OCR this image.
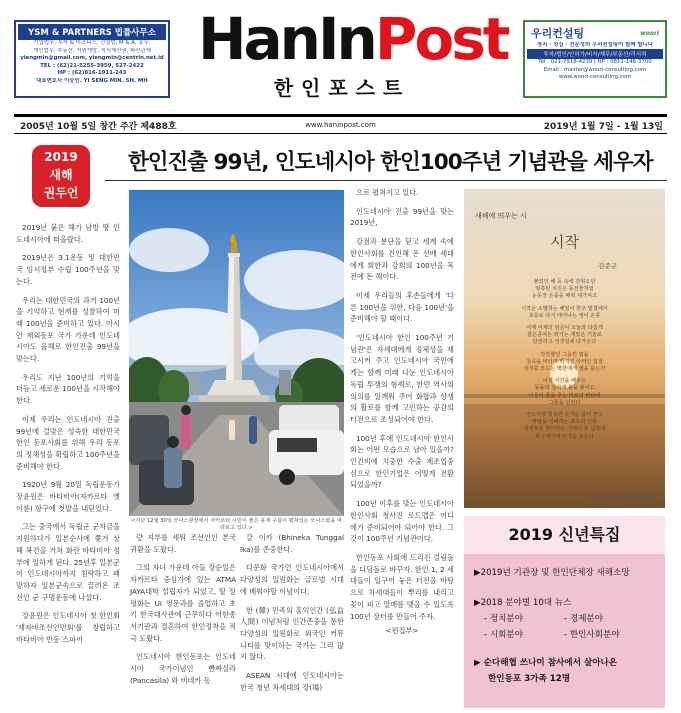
YSM & PARTNERS 법률사무소
기업법무, 투자 & 비즈니스, 건설법, M & A, 송무,
개인법무, 부동산, 자원개발, 지식재산권, 파산관재
yiengmin@gmail.com, yiengmin@centrin.net.id
TEL : (62)21-5255-3959, 527-2422
HP : (62)816-1911-243
대표변호사 이승민. YI SENG MIN. SH. MH
HanInPost
한인포스트
우리컨설팅	woori
정직 · 성실 · 전문성의 우리컨설팅이 함께 합니다
투자/법인/인허가/비자/재무/부동산/리서치
Tel : 021-7918-4239 | HP : 0811-146-3700
Email : master@woori-consulting.com
www.woori-consulting.com
2005년 10월 5일 창간 주간 제488호	www.haninpost.com	2019년 1월 7일 - 1월 13일
2019
새해
권두언
한인진출 99년, 인도네시아 한인100주년 기념관을 세우자

2019년 붉은 해가 남방 땅 인도네시아에 떠올랐다.

2019년은 3.1운동 및 대한민국 임시정부 수립 100주년을 맞는다.

우리는 대한민국의 과거 100년을 기억하고 현재를 성찰하여 미래 100년을 준비하고 있다. 아시안 재외동포 국가 가운데 인도네시아도 올해로 한인진출 99년을 맞는다.

우리도 지난 100년의 기억을 더듬고 새로운 100년을 시작해야 한다.

이제 우리는 인도네시아 진출 99년에 걸맞은 성숙한 대한민국 한인 동포사회를 위해 우리 동포의 정체성을 확립하고 100주년을 준비해야 한다.

1920년 9월 20일 독립운동가 장윤원은 바타비아(자카르타 옛 이름) 항구에 첫발을 내딛었다.

그는 중국에서 독립군 군자금을 지원하다가 일본순사에 쫓겨 상해 복건을 거쳐 화란 바타비아 정부에 일하게 된다. 25년후 일본군이 인도네시아까지 침략하고 패망하자 일본군속으로 끌려온 조선인 군 구명운동에 나섰다.

장윤원은 인도네시아 첫 한인회 '재자바조선인민회'를 창립하고 바타비아 반동 스파이

<지난 12월 30일 모나스광장에서 자카르타 시민이 붉은 풍계 구름이 펼쳐있는 모나스탑을 바라보고 있다.>

량 지부를 세워 조선인인 본국 귀환을 도왔다.

그의 자녀 가운데 아들 장순일은 자카르타 중심가에 있는 ATMA JAYA대학 설립자가 되었고, 딸 장평화는 UI 영문과를 졸업하고 초기 한국대사관에 근무하다 어한종 서기관과 결혼하여 한인정착을 적극 도왔다.

인도네시아 한인동포는 인도네시아 국가이념인 빤짜실라 (Pancasila) 와 비네카 동

갈 이카 (Bhineka Tunggal Ika)를 존중한다.

다문화 국가인 인도네시아에서 다양성의 일원화는 글로벌 시대에 배워야할 이념이다.

한 (韓) 민족의 홍익인간 (弘益人間) 이념처럼 인간존중을 통한 다양성의 일원화로 외국인 커뮤니티를 맞이하는 국가는 그리 많지 않다.

ASEAN 시대에 인도네시아는 한국 청년 차세대의 장(場)

으로 펼쳐지고 있다.

인도네시아 진출 99년을 맞는 2019년,

강점과 분단을 딛고 세계 속에 한인사회를 건인해 온 선배 세대에게 회한과 감회의 100년을 묵전에 돈 해이다.

이제 우리들의 후손들에게 '다른 100년을 위한, 다음 100년'을 준비해야 할 때이다.

'인도네시아 한인 100주년 기념관'은 자세대에게 정체성을 재고시켜 주고 인도네시아 국민에게는 함께 미래 나눈 인도네시아 독립 투쟁의 형제로, 한민 역사의 의의를 일깨워 주어 화합과 상생의 활로를 함께 고민하는 공감의 터전으로 조성되어야 한다.

100년 후에 인도네시아 한인사회는 어떤 모습으로 남아 있을까? 인건비에 치중한 수출 제조업중심으로 한인기업은 어떻게 전환되었을까?

100년 이후를 맞는 인도네시아 한인사회 청사진 로드맵은 어디에가 준비되어야 되어야 한다. 그것이 100주년 기념관이다.

한인동포 사회에 드리진 걸림돌을 디딤돌로 바꾸자. 한인 1, 2 세대들이 일구어 놓은 터전을 바탕으로 차세대들이 뿌리를 내리고 꽃이 피고 열매를 맺을 수 있도록 100년 장터를 만들어 주자.

<편집부>
새해에 띄우는 시
시작
김준규
붉었던 해 등 속에 감춰오던
엄혹된 치진은 동전물처럼
눈동장 온몸을 배워 세가져고
시작은 소멸하는 해일이 한주 발쳤에서
초롱로 다시 태어나는 생이 온통
어제 어제의 임금이 오늘과 다름게
같은공어든 꽈거는 재밌은 거울로
단장하고 성경설에 다가온다
작작했던 그을린 멈을
침곡을 비터며 빡지진 아쩌인 힘점
상처를 모드는 빡한에게 엽을 묻는가
이제 시간을 배우는
동돌의 실지에 불을 붙이고
너울이 출을 추는 미로의 바다에
그물을 던진다
앞으치렸 희룩한 승거를 몹어 먼고
바람을 잉해하는 최도의 신릉
새섬부를 향사하는 거래의 몽 넓찾에
확금체지에 인생을 놓는다
배경사진 : 햇살이 DANAU TOBA
2019 신년특집
▶2019년 기관장 및 한인단체장 새해소망
▶2018 분야별 10대 뉴스
- 정치분야	- 경제분야
- 시회분야	- 한인사회분야
▶ 순다해협 쓰나미 참사에서 살아나온
한인동포 3가족 12명
